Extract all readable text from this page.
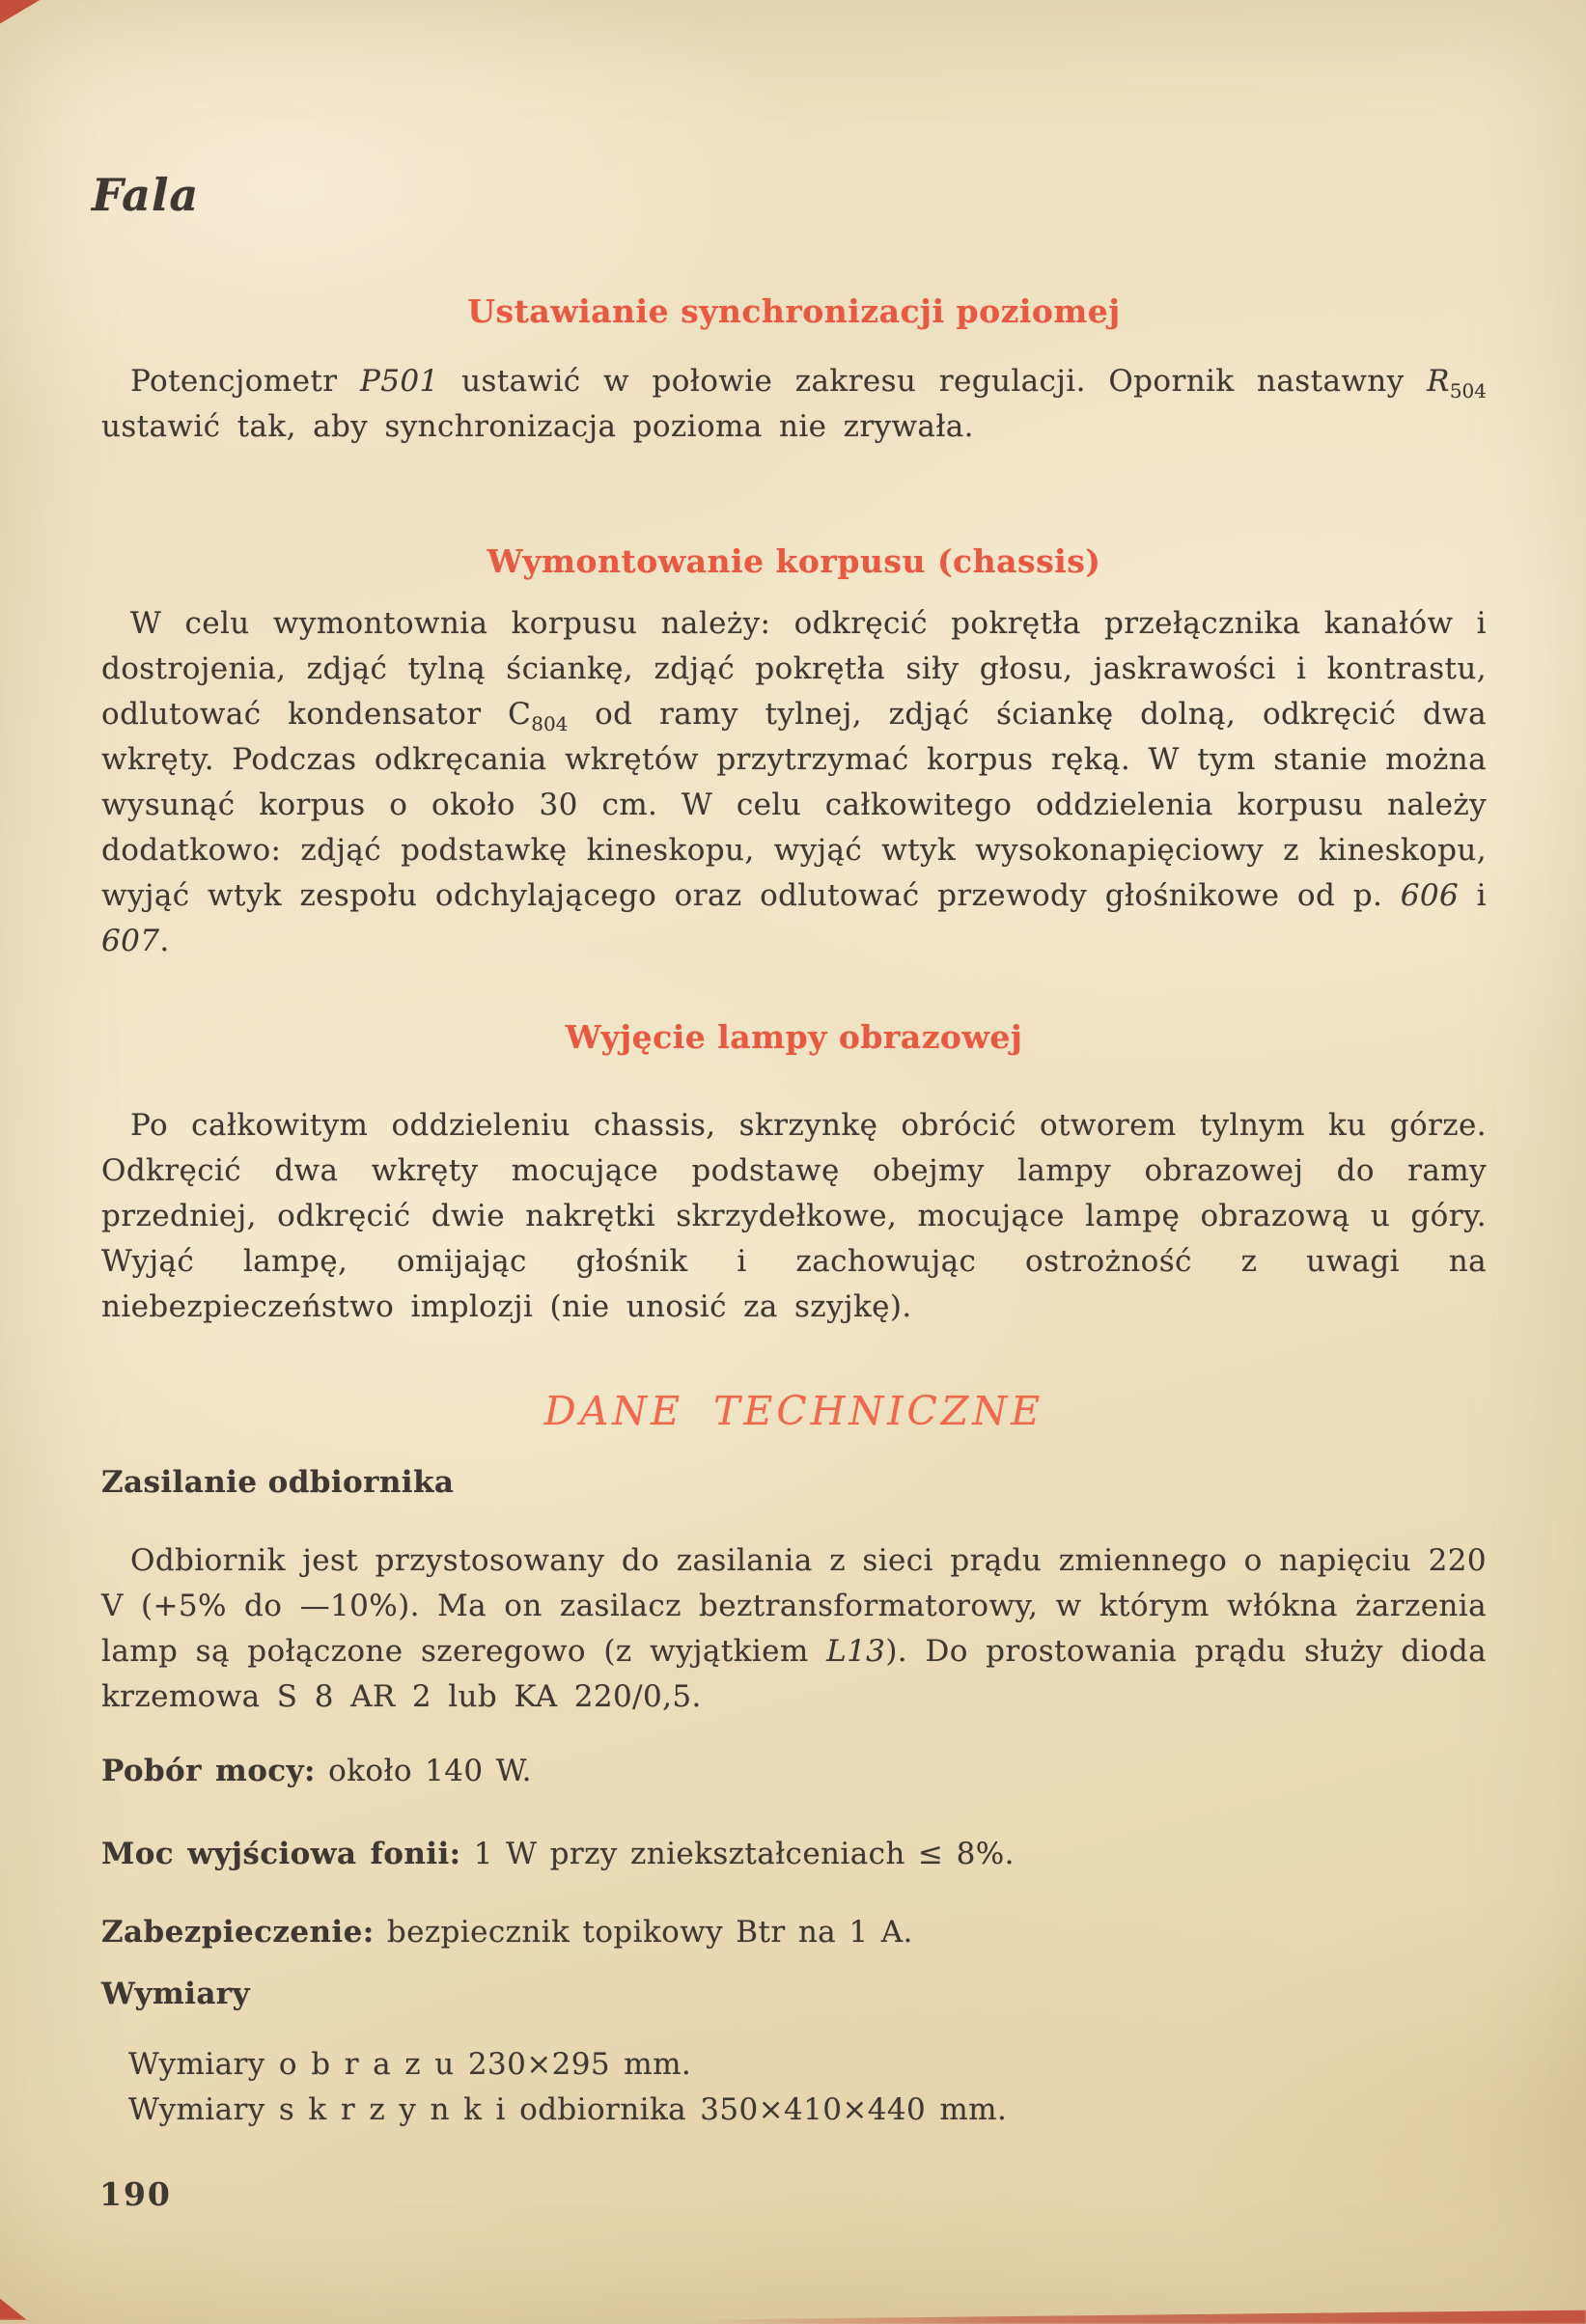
Fala
Ustawianie synchronizacji poziomej

Potencjometr P501 ustawić w połowie zakresu regulacji. Opornik nastawny $R_{504}$ ustawić tak, aby synchronizacja pozioma nie zrywała.

Wymontowanie korpusu (chassis)

W celu wymontownia korpusu należy: odkręcić pokrętła przełącznika kanałów i dostrojenia, zdjąć tylną ściankę, zdjąć pokrętła siły głosu, jaskrawości i kontrastu, odlutować kondensator $C_{804}$ od ramy tylnej, zdjąć ściankę dolną, odkręcić dwa wkręty. Podczas odkręcania wkrętów przytrzymać korpus ręką. W tym stanie można wysunąć korpus o około 30 cm. W celu całkowitego oddzielenia korpusu należy dodatkowo: zdjąć podstawkę kineskopu, wyjąć wtyk wysokonapięciowy z kineskopu, wyjąć wtyk zespołu odchylającego oraz odlutować przewody głośnikowe od p. 606 i 607.

Wyjęcie lampy obrazowej

Po całkowitym oddzieleniu chassis, skrzynkę obrócić otworem tylnym ku górze. Odkręcić dwa wkręty mocujące podstawę obejmy lampy obrazowej do ramy przedniej, odkręcić dwie nakrętki skrzydełkowe, mocujące lampę obrazową u góry. Wyjąć lampę, omijając głośnik i zachowując ostrożność z uwagi na niebezpieczeństwo implozji (nie unosić za szyjkę).

DANE TECHNICZNE
Zasilanie odbiornika

Odbiornik jest przystosowany do zasilania z sieci prądu zmiennego o napięciu 220 V (+5% do —10%). Ma on zasilacz beztransformatorowy, w którym włókna żarzenia lamp są połączone szeregowo (z wyjątkiem L13). Do prostowania prądu służy dioda krzemowa S 8 AR 2 lub KA 220/0,5.

Pobór mocy: około 140 W.

Moc wyjściowa fonii: 1 W przy zniekształceniach ≤ 8%.

Zabezpieczenie: bezpiecznik topikowy Btr na 1 A.

Wymiary
Wymiary o b r a z u 230×295 mm.
Wymiary s k r z y n k i odbiornika 350×410×440 mm.
190
